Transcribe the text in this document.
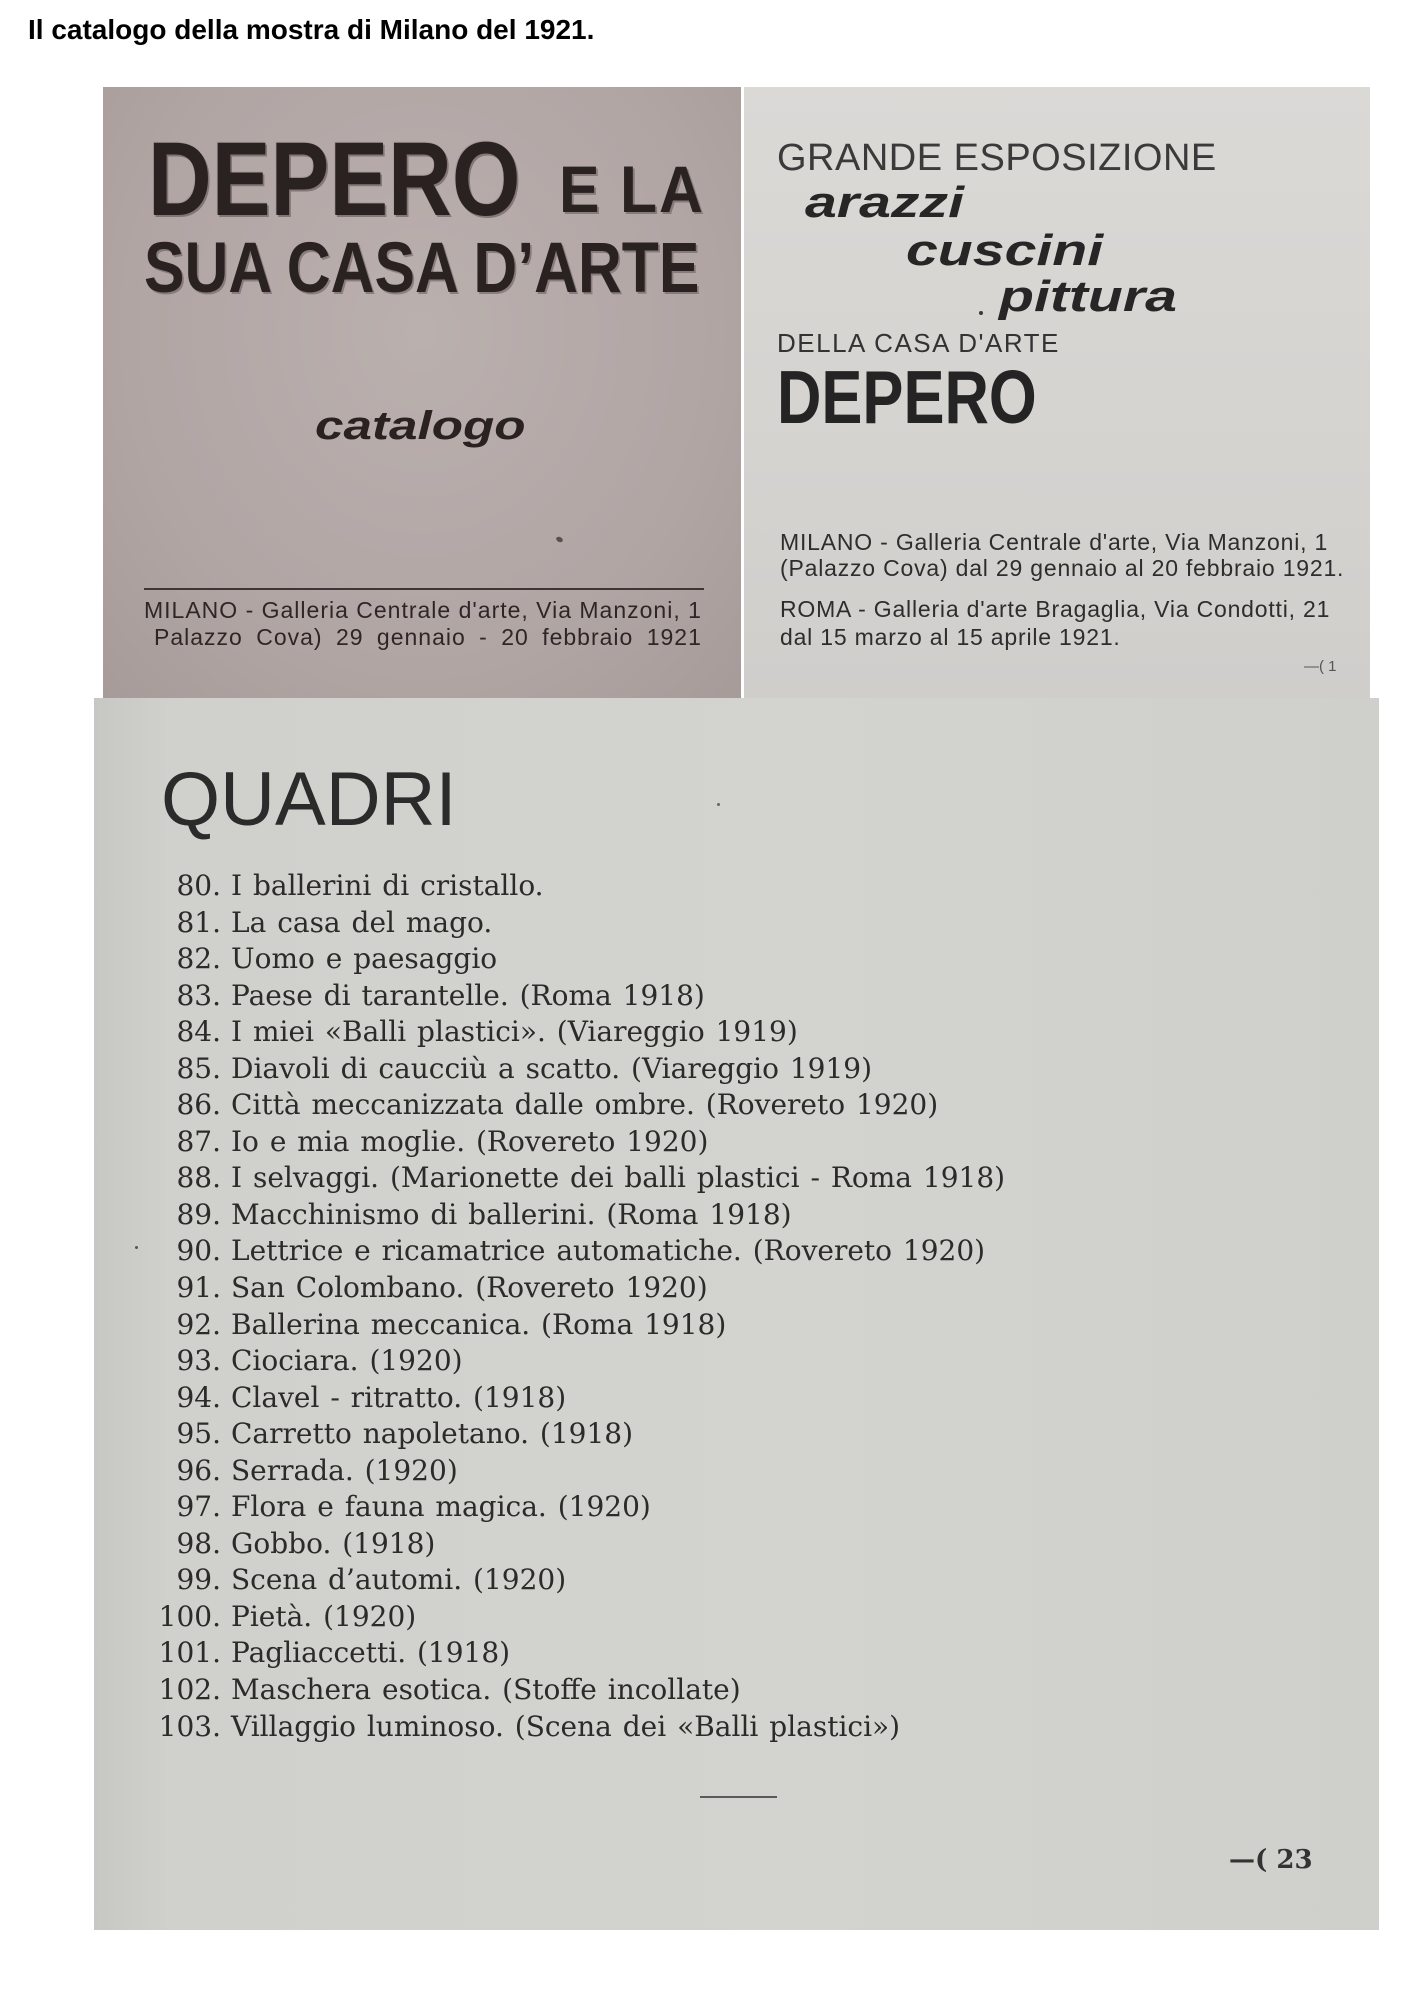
Il catalogo della mostra di Milano del 1921.
DEPERO E LA
SUA CASA D’ARTE
catalogo
MILANO - Galleria Centrale d'arte, Via Manzoni, 1
Palazzo Cova) 29 gennaio - 20 febbraio 1921
GRANDE ESPOSIZIONE
arazzi
cuscini
pittura
DELLA CASA D'ARTE
DEPERO
MILANO - Galleria Centrale d'arte, Via Manzoni, 1
(Palazzo Cova) dal 29 gennaio al 20 febbraio 1921.
ROMA - Galleria d'arte Bragaglia, Via Condotti, 21
dal 15 marzo al 15 aprile 1921.
—( 1
QUADRI
80. I ballerini di cristallo.
81. La casa del mago.
82. Uomo e paesaggio
83. Paese di tarantelle. (Roma 1918)
84. I miei «Balli plastici». (Viareggio 1919)
85. Diavoli di caucciù a scatto. (Viareggio 1919)
86. Città meccanizzata dalle ombre. (Rovereto 1920)
87. Io e mia moglie. (Rovereto 1920)
88. I selvaggi. (Marionette dei balli plastici - Roma 1918)
89. Macchinismo di ballerini. (Roma 1918)
90. Lettrice e ricamatrice automatiche. (Rovereto 1920)
91. San Colombano. (Rovereto 1920)
92. Ballerina meccanica. (Roma 1918)
93. Ciociara. (1920)
94. Clavel - ritratto. (1918)
95. Carretto napoletano. (1918)
96. Serrada. (1920)
97. Flora e fauna magica. (1920)
98. Gobbo. (1918)
99. Scena d’automi. (1920)
100. Pietà. (1920)
101. Pagliaccetti. (1918)
102. Maschera esotica. (Stoffe incollate)
103. Villaggio luminoso. (Scena dei «Balli plastici»)
—( 23
